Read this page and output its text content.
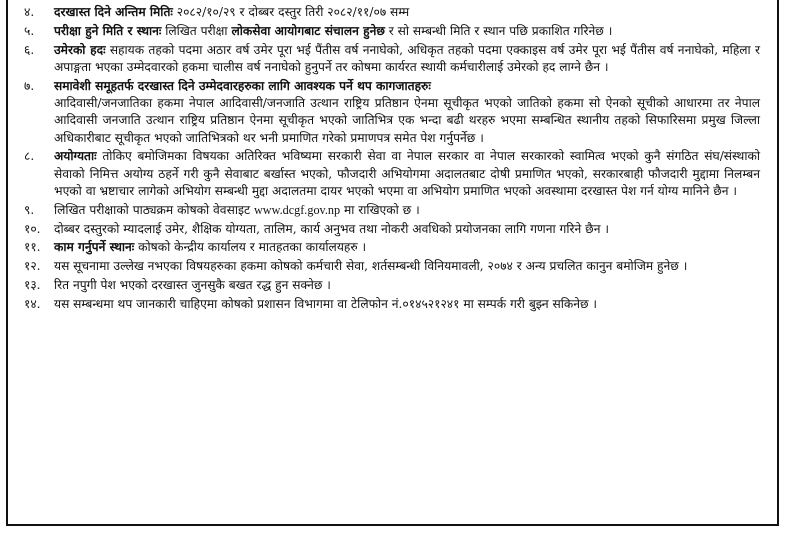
४.	दरखास्त दिने अन्तिम मितिः २०८२/१०/२९ र दोब्बर दस्तुर तिरी २०८२/११/०७ सम्म
५.	परीक्षा हुने मिति र स्थानः लिखित परीक्षा लोकसेवा आयोगबाट संचालन हुनेछ र सो सम्बन्धी मिति र स्थान पछि प्रकाशित गरिनेछ ।
६.	उमेरको हदः सहायक तहको पदमा अठार वर्ष उमेर पूरा भई पैंतीस वर्ष ननाघेको, अधिकृत तहको पदमा एक्काइस वर्ष उमेर पूरा भई पैंतीस वर्ष ननाघेको, महिला र अपाङ्गता भएका उम्मेदवारको हकमा चालीस वर्ष ननाघेको हुनुपर्ने तर कोषमा कार्यरत स्थायी कर्मचारीलाई उमेरको हद लाग्ने छैन ।
७.	समावेशी समूहतर्फ दरखास्त दिने उम्मेदवारहरुका लागि आवश्यक पर्ने थप कागजातहरुः
आदिवासी/जनजातिका हकमा नेपाल आदिवासी/जनजाति उत्थान राष्ट्रिय प्रतिष्ठान ऐनमा सूचीकृत भएको जातिको हकमा सो ऐनको सूचीको आधारमा तर नेपाल आदिवासी जनजाति उत्थान राष्ट्रिय प्रतिष्ठान ऐनमा सूचीकृत भएको जातिभित्र एक भन्दा बढी थरहरु भएमा सम्बन्धित स्थानीय तहको सिफारिसमा प्रमुख जिल्ला अधिकारीबाट सूचीकृत भएको जातिभित्रको थर भनी प्रमाणित गरेको प्रमाणपत्र समेत पेश गर्नुपर्नेछ ।
८.	अयोग्यताः तोकिए बमोजिमका विषयका अतिरिक्त भविष्यमा सरकारी सेवा वा नेपाल सरकार वा नेपाल सरकारको स्वामित्व भएको कुनै संगठित संघ/संस्थाको सेवाको निमित्त अयोग्य ठहर्ने गरी कुनै सेवाबाट बर्खास्त भएको, फौजदारी अभियोगमा अदालतबाट दोषी प्रमाणित भएको, सरकारबाही फौजदारी मुद्दामा निलम्बन भएको वा भ्रष्टाचार लागेको अभियोग सम्बन्धी मुद्दा अदालतमा दायर भएको भएमा वा अभियोग प्रमाणित भएको अवस्थामा दरखास्त पेश गर्न योग्य मानिने छैन ।
९.	लिखित परीक्षाको पाठ्यक्रम कोषको वेवसाइट www.dcgf.gov.np मा राखिएको छ ।
१०.	दोब्बर दस्तुरको म्यादलाई उमेर, शैक्षिक योग्यता, तालिम, कार्य अनुभव तथा नोकरी अवधिको प्रयोजनका लागि गणना गरिने छैन ।
११.	काम गर्नुपर्ने स्थानः कोषको केन्द्रीय कार्यालय र मातहतका कार्यालयहरु ।
१२.	यस सूचनामा उल्लेख नभएका विषयहरुका हकमा कोषको कर्मचारी सेवा, शर्तसम्बन्धी विनियमावली, २०७४ र अन्य प्रचलित कानुन बमोजिम हुनेछ ।
१३.	रित नपुगी पेश भएको दरखास्त जुनसुकै बखत रद्ध हुन सक्नेछ ।
१४.	यस सम्बन्धमा थप जानकारी चाहिएमा कोषको प्रशासन विभागमा वा टेलिफोन नं.०१४५२१२४१ मा सम्पर्क गरी बुझ्न सकिनेछ ।
